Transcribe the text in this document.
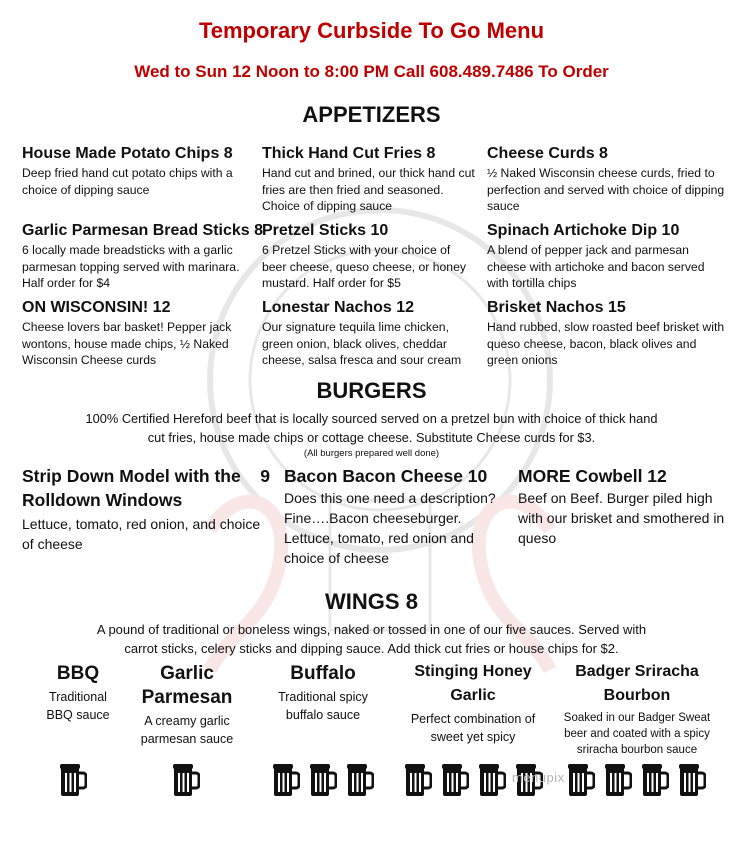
Temporary Curbside To Go Menu
Wed to Sun 12 Noon to 8:00 PM Call 608.489.7486 To Order
APPETIZERS
House Made Potato Chips 8
Deep fried hand cut potato chips with a choice of dipping sauce
Thick Hand Cut Fries 8
Hand cut and brined, our thick hand cut fries are then fried and seasoned. Choice of dipping sauce
Cheese Curds 8
½ Naked Wisconsin cheese curds, fried to perfection and served with choice of dipping sauce
Garlic Parmesan Bread Sticks 8
6 locally made breadsticks with a garlic parmesan topping served with marinara. Half order for $4
Pretzel Sticks 10
6 Pretzel Sticks with your choice of beer cheese, queso cheese, or honey mustard. Half order for $5
Spinach Artichoke Dip 10
A blend of pepper jack and parmesan cheese with artichoke and bacon served with tortilla chips
ON WISCONSIN! 12
Cheese lovers bar basket! Pepper jack wontons, house made chips, ½ Naked Wisconsin Cheese curds
Lonestar Nachos 12
Our signature tequila lime chicken, green onion, black olives, cheddar cheese, salsa fresca and sour cream
Brisket Nachos 15
Hand rubbed, slow roasted beef brisket with queso cheese, bacon, black olives and green onions
BURGERS
100% Certified Hereford beef that is locally sourced served on a pretzel bun with choice of thick hand cut fries, house made chips or cottage cheese. Substitute Cheese curds for $3.
(All burgers prepared well done)
Strip Down Model with the Rolldown Windows
9
Lettuce, tomato, red onion, and choice of cheese
Bacon Bacon Cheese 10
Does this one need a description? Fine….Bacon cheeseburger. Lettuce, tomato, red onion and choice of cheese
MORE Cowbell 12
Beef on Beef. Burger piled high with our brisket and smothered in queso
WINGS 8
A pound of traditional or boneless wings, naked or tossed in one of our five sauces. Served with carrot sticks, celery sticks and dipping sauce. Add thick cut fries or house chips for $2.
BBQ
Traditional BBQ sauce
Garlic Parmesan
A creamy garlic parmesan sauce
Buffalo
Traditional spicy buffalo sauce
Stinging Honey Garlic
Perfect combination of sweet yet spicy
Badger Sriracha Bourbon
Soaked in our Badger Sweat beer and coated with a spicy sriracha bourbon sauce
menupix
